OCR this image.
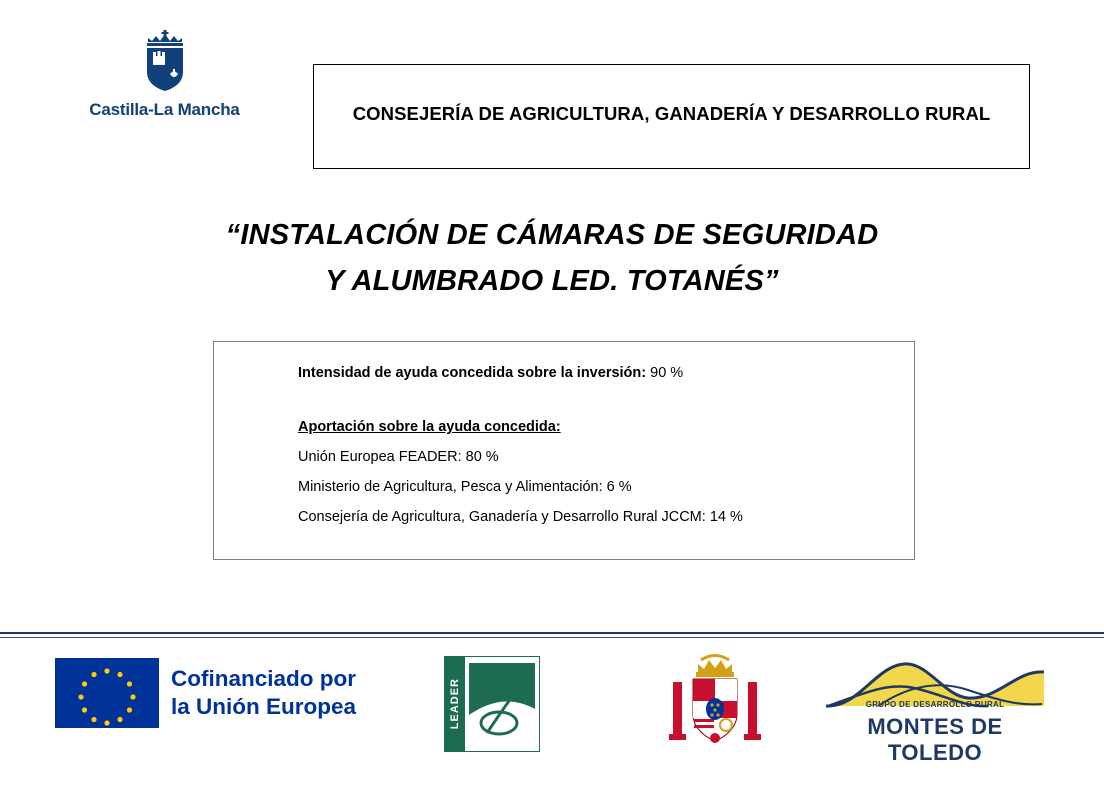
Castilla-La Mancha	CONSEJERÍA DE AGRICULTURA, GANADERÍA Y DESARROLLO RURAL
“INSTALACIÓN DE CÁMARAS DE SEGURIDAD
Y ALUMBRADO LED. TOTANÉS”
Intensidad de ayuda concedida sobre la inversión: 90 %
Aportación sobre la ayuda concedida:
Unión Europea FEADER: 80 %
Ministerio de Agricultura, Pesca y Alimentación: 6 %
Consejería de Agricultura, Ganadería y Desarrollo Rural JCCM: 14 %
Cofinanciado por
la Unión Europea	LEADER	GRUPO DE DESARROLLO RURAL
MONTES DE TOLEDO
